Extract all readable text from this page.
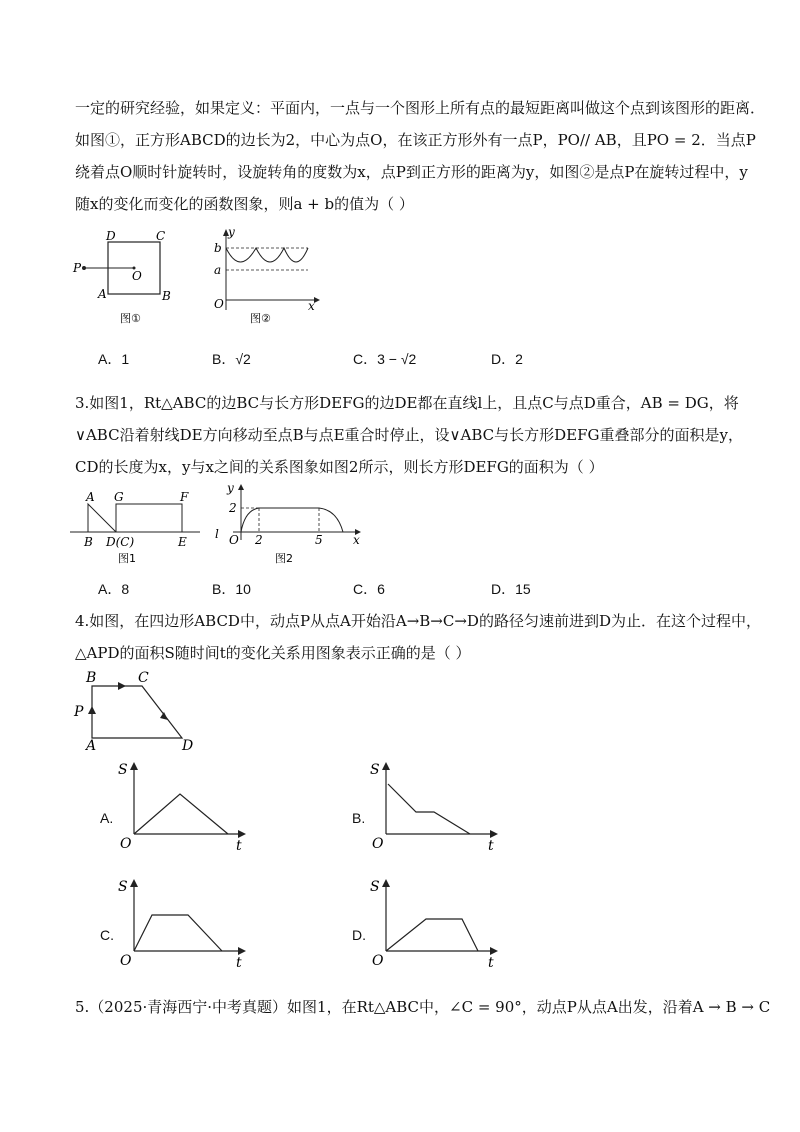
一定的研究经验，如果定义：平面内，一点与一个图形上所有点的最短距离叫做这个点到该图形的距离．
如图①，正方形ABCD的边长为2，中心为点O，在该正方形外有一点P，PO// AB，且PO = 2．当点P
绕着点O顺时针旋转时，设旋转角的度数为x，点P到正方形的距离为y，如图②是点P在旋转过程中，y
随x的变化而变化的函数图象，则a + b的值为（ ）
D	C
P
O
A	B
图①
y
b
a
O	x
图②
A．1	B．√2	C．3 − √2	D．2
3.如图1，Rt△ABC的边BC与长方形DEFG的边DE都在直线l上，且点C与点D重合，AB = DG，将
∨ABC沿着射线DE方向移动至点B与点E重合时停止，设∨ABC与长方形DEFG重叠部分的面积是y，
CD的长度为x，y与x之间的关系图象如图2所示，则长方形DEFG的面积为（ ）
A G	F
B D(C)	E
图1
y
2
l O 2	5	x
图2
A．8	B．10	C．6	D．15
4.如图，在四边形ABCD中，动点P从点A开始沿A→B→C→D的路径匀速前进到D为止．在这个过程中，
△APD的面积S随时间t的变化关系用图象表示正确的是（ ）
B	C
P
A	D
A.
S
O	t
B.
S
O	t
C.
S
O	t
D.
S
O	t
5.（2025·青海西宁·中考真题）如图1，在Rt△ABC中，∠C = 90°，动点P从点A出发，沿着A → B → C
